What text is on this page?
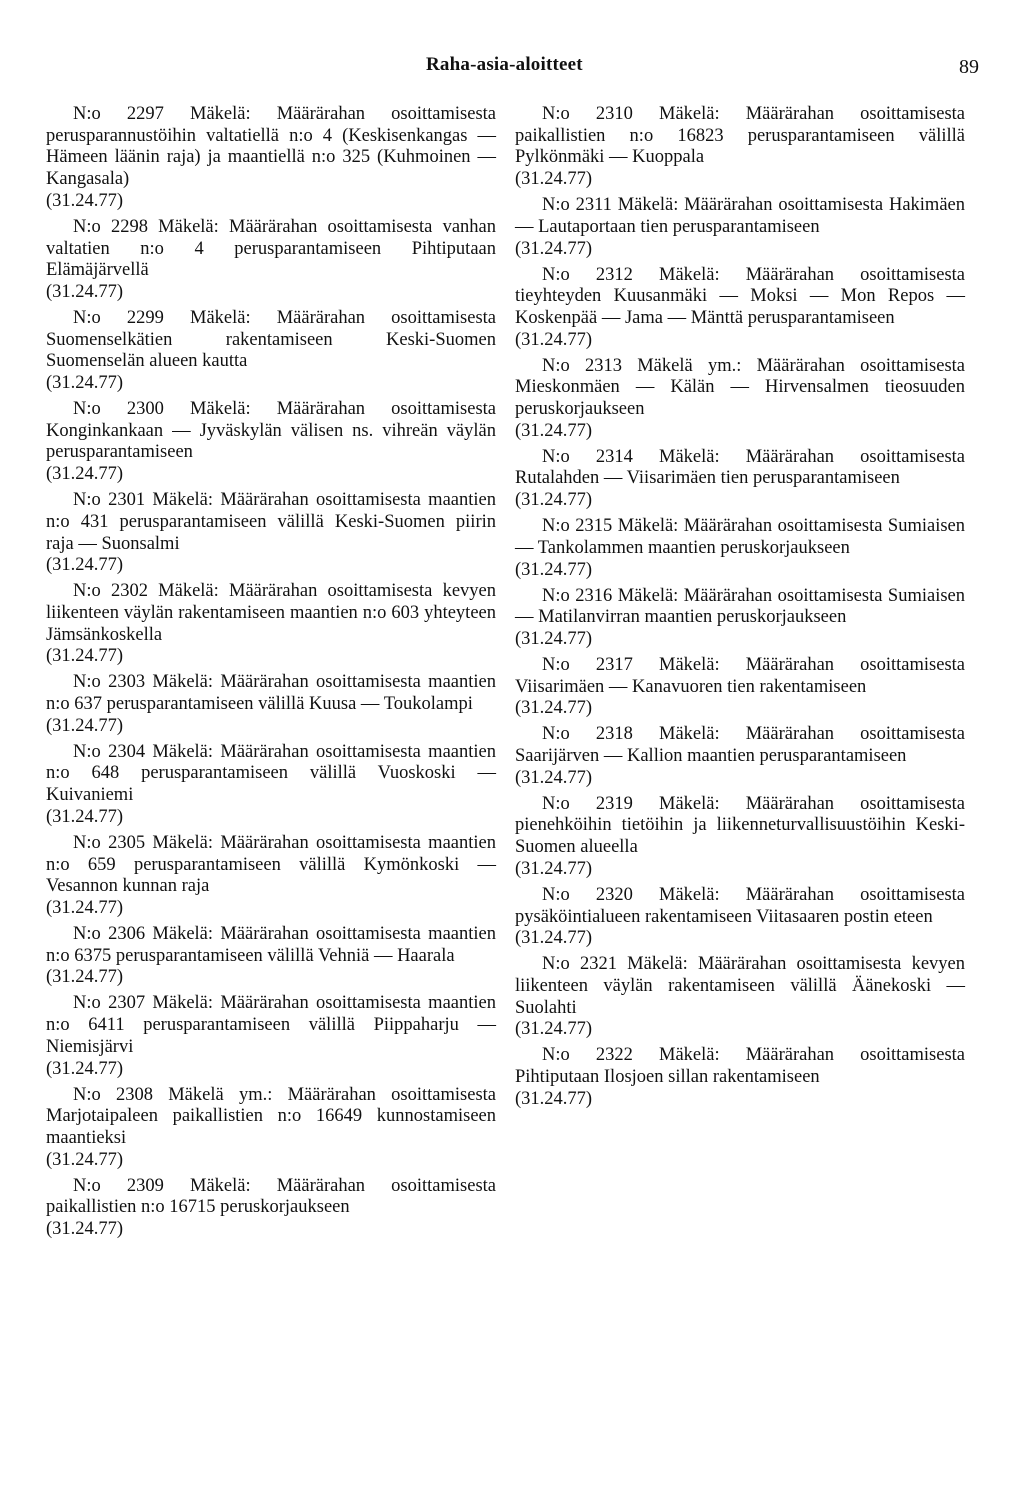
Raha-asia-aloitteet	89

N:o 2297 Mäkelä: Määrärahan osoittamisesta perusparannustöihin valtatiellä n:o 4 (Keskisenkangas — Hämeen läänin raja) ja maantiellä n:o 325 (Kuhmoinen — Kangasala)
(31.24.77)

N:o 2298 Mäkelä: Määrärahan osoittamisesta vanhan valtatien n:o 4 perusparantamiseen Pihtiputaan Elämäjärvellä
(31.24.77)

N:o 2299 Mäkelä: Määrärahan osoittamisesta Suomenselkätien rakentamiseen Keski-Suomen Suomenselän alueen kautta
(31.24.77)

N:o 2300 Mäkelä: Määrärahan osoittamisesta Konginkankaan — Jyväskylän välisen ns. vihreän väylän perusparantamiseen
(31.24.77)

N:o 2301 Mäkelä: Määrärahan osoittamisesta maantien n:o 431 perusparantamiseen välillä Keski-Suomen piirin raja — Suonsalmi
(31.24.77)

N:o 2302 Mäkelä: Määrärahan osoittamisesta kevyen liikenteen väylän rakentamiseen maantien n:o 603 yhteyteen Jämsänkoskella
(31.24.77)

N:o 2303 Mäkelä: Määrärahan osoittamisesta maantien n:o 637 perusparantamiseen välillä Kuusa — Toukolampi
(31.24.77)

N:o 2304 Mäkelä: Määrärahan osoittamisesta maantien n:o 648 perusparantamiseen välillä Vuoskoski — Kuivaniemi
(31.24.77)

N:o 2305 Mäkelä: Määrärahan osoittamisesta maantien n:o 659 perusparantamiseen välillä Kymönkoski — Vesannon kunnan raja
(31.24.77)

N:o 2306 Mäkelä: Määrärahan osoittamisesta maantien n:o 6375 perusparantamiseen välillä Vehniä — Haarala
(31.24.77)

N:o 2307 Mäkelä: Määrärahan osoittamisesta maantien n:o 6411 perusparantamiseen välillä Piippaharju — Niemisjärvi
(31.24.77)

N:o 2308 Mäkelä ym.: Määrärahan osoittamisesta Marjotaipaleen paikallistien n:o 16649 kunnostamiseen maantieksi
(31.24.77)

N:o 2309 Mäkelä: Määrärahan osoittamisesta paikallistien n:o 16715 peruskorjaukseen
(31.24.77)

N:o 2310 Mäkelä: Määrärahan osoittamisesta paikallistien n:o 16823 perusparantamiseen välillä Pylkönmäki — Kuoppala
(31.24.77)

N:o 2311 Mäkelä: Määrärahan osoittamisesta Hakimäen — Lautaportaan tien perusparantamiseen
(31.24.77)

N:o 2312 Mäkelä: Määrärahan osoittamisesta tieyhteyden Kuusanmäki — Moksi — Mon Repos — Koskenpää — Jama — Mänttä perusparantamiseen
(31.24.77)

N:o 2313 Mäkelä ym.: Määrärahan osoittamisesta Mieskonmäen — Kälän — Hirvensalmen tieosuuden peruskorjaukseen
(31.24.77)

N:o 2314 Mäkelä: Määrärahan osoittamisesta Rutalahden — Viisarimäen tien perusparantamiseen
(31.24.77)

N:o 2315 Mäkelä: Määrärahan osoittamisesta Sumiaisen — Tankolammen maantien peruskorjaukseen
(31.24.77)

N:o 2316 Mäkelä: Määrärahan osoittamisesta Sumiaisen — Matilanvirran maantien peruskorjaukseen
(31.24.77)

N:o 2317 Mäkelä: Määrärahan osoittamisesta Viisarimäen — Kanavuoren tien rakentamiseen
(31.24.77)

N:o 2318 Mäkelä: Määrärahan osoittamisesta Saarijärven — Kallion maantien perusparantamiseen
(31.24.77)

N:o 2319 Mäkelä: Määrärahan osoittamisesta pienehköihin tietöihin ja liikenneturvallisuustöihin Keski-Suomen alueella
(31.24.77)

N:o 2320 Mäkelä: Määrärahan osoittamisesta pysäköintialueen rakentamiseen Viitasaaren postin eteen
(31.24.77)

N:o 2321 Mäkelä: Määrärahan osoittamisesta kevyen liikenteen väylän rakentamiseen välillä Äänekoski — Suolahti
(31.24.77)

N:o 2322 Mäkelä: Määrärahan osoittamisesta Pihtiputaan Ilosjoen sillan rakentamiseen
(31.24.77)
